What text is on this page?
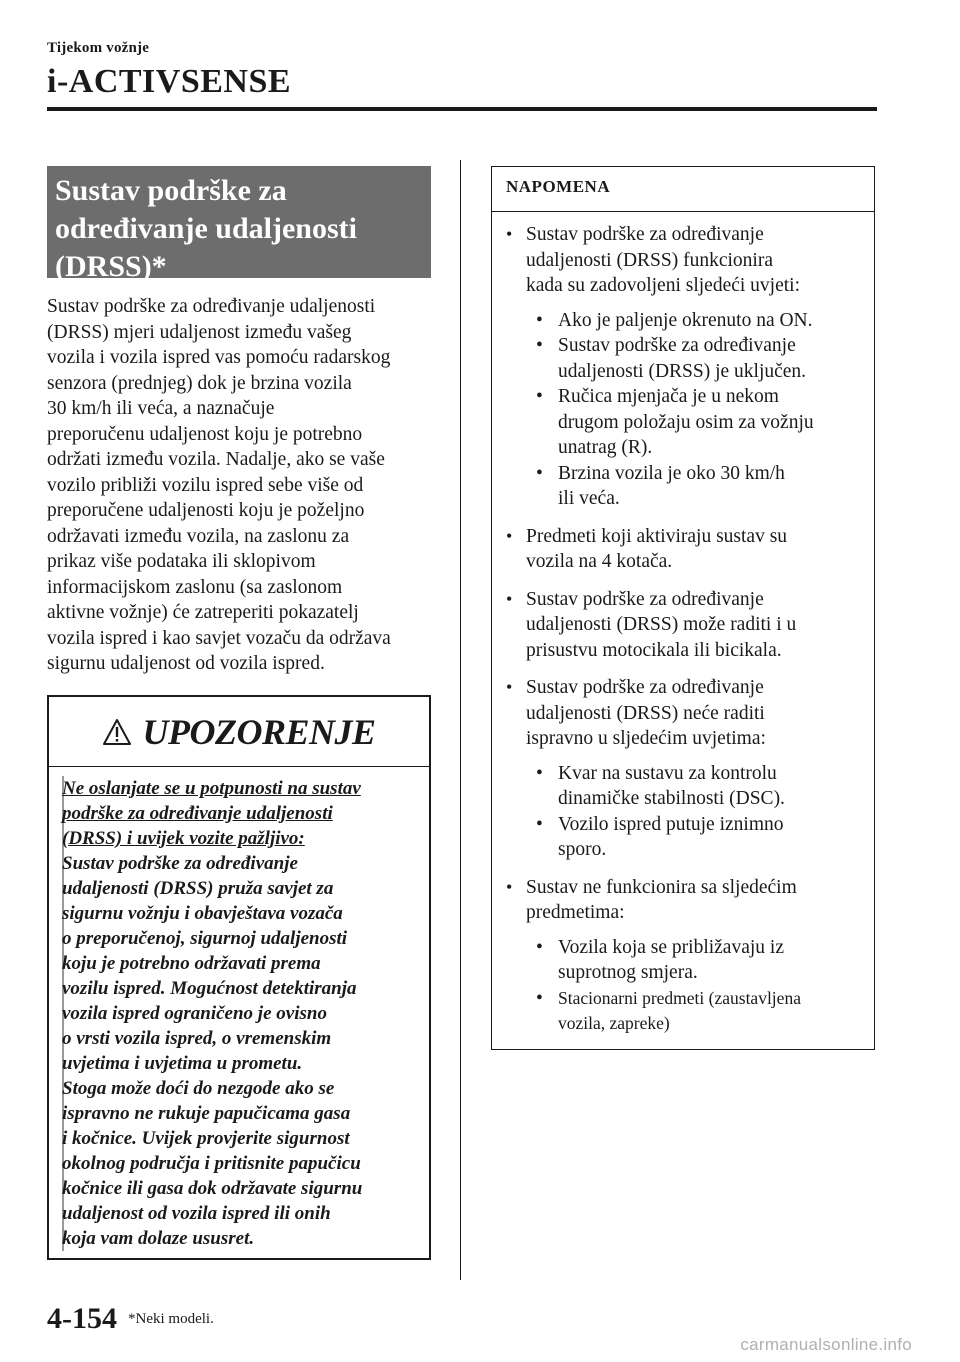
Tijekom vožnje
i-ACTIVSENSE
Sustav podrške za
određivanje udaljenosti
(DRSS)*
Sustav podrške za određivanje udaljenosti
(DRSS) mjeri udaljenost između vašeg
vozila i vozila ispred vas pomoću radarskog
senzora (prednjeg) dok je brzina vozila
30 km/h ili veća, a naznačuje
preporučenu udaljenost koju je potrebno
održati između vozila. Nadalje, ako se vaše
vozilo približi vozilu ispred sebe više od
preporučene udaljenosti koju je poželjno
održavati između vozila, na zaslonu za
prikaz više podataka ili sklopivom
informacijskom zaslonu (sa zaslonom
aktivne vožnje) će zatreperiti pokazatelj
vozila ispred i kao savjet vozaču da održava
sigurnu udaljenost od vozila ispred.
UPOZORENJE
Ne oslanjate se u potpunosti na sustav
podrške za određivanje udaljenosti
(DRSS) i uvijek vozite pažljivo:
Sustav podrške za određivanje
udaljenosti (DRSS) pruža savjet za
sigurnu vožnju i obavještava vozača
o preporučenoj, sigurnoj udaljenosti
koju je potrebno održavati prema
vozilu ispred. Mogućnost detektiranja
vozila ispred ograničeno je ovisno
o vrsti vozila ispred, o vremenskim
uvjetima i uvjetima u prometu.
Stoga može doći do nezgode ako se
ispravno ne rukuje papučicama gasa
i kočnice. Uvijek provjerite sigurnost
okolnog područja i pritisnite papučicu
kočnice ili gasa dok održavate sigurnu
udaljenost od vozila ispred ili onih
koja vam dolaze ususret.
NAPOMENA
• Sustav podrške za određivanje
udaljenosti (DRSS) funkcionira
kada su zadovoljeni sljedeći uvjeti:
• Ako je paljenje okrenuto na ON.
• Sustav podrške za određivanje
udaljenosti (DRSS) je uključen.
• Ručica mjenjača je u nekom
drugom položaju osim za vožnju
unatrag (R).
• Brzina vozila je oko 30 km/h
ili veća.
• Predmeti koji aktiviraju sustav su
vozila na 4 kotača.
• Sustav podrške za određivanje
udaljenosti (DRSS) može raditi i u
prisustvu motocikala ili bicikala.
• Sustav podrške za određivanje
udaljenosti (DRSS) neće raditi
ispravno u sljedećim uvjetima:
• Kvar na sustavu za kontrolu
dinamičke stabilnosti (DSC).
• Vozilo ispred putuje iznimno
sporo.
• Sustav ne funkcionira sa sljedećim
predmetima:
• Vozila koja se približavaju iz
suprotnog smjera.
• Stacionarni predmeti (zaustavljena
vozila, zapreke)
4-154 *Neki modeli.
carmanualsonline.info
